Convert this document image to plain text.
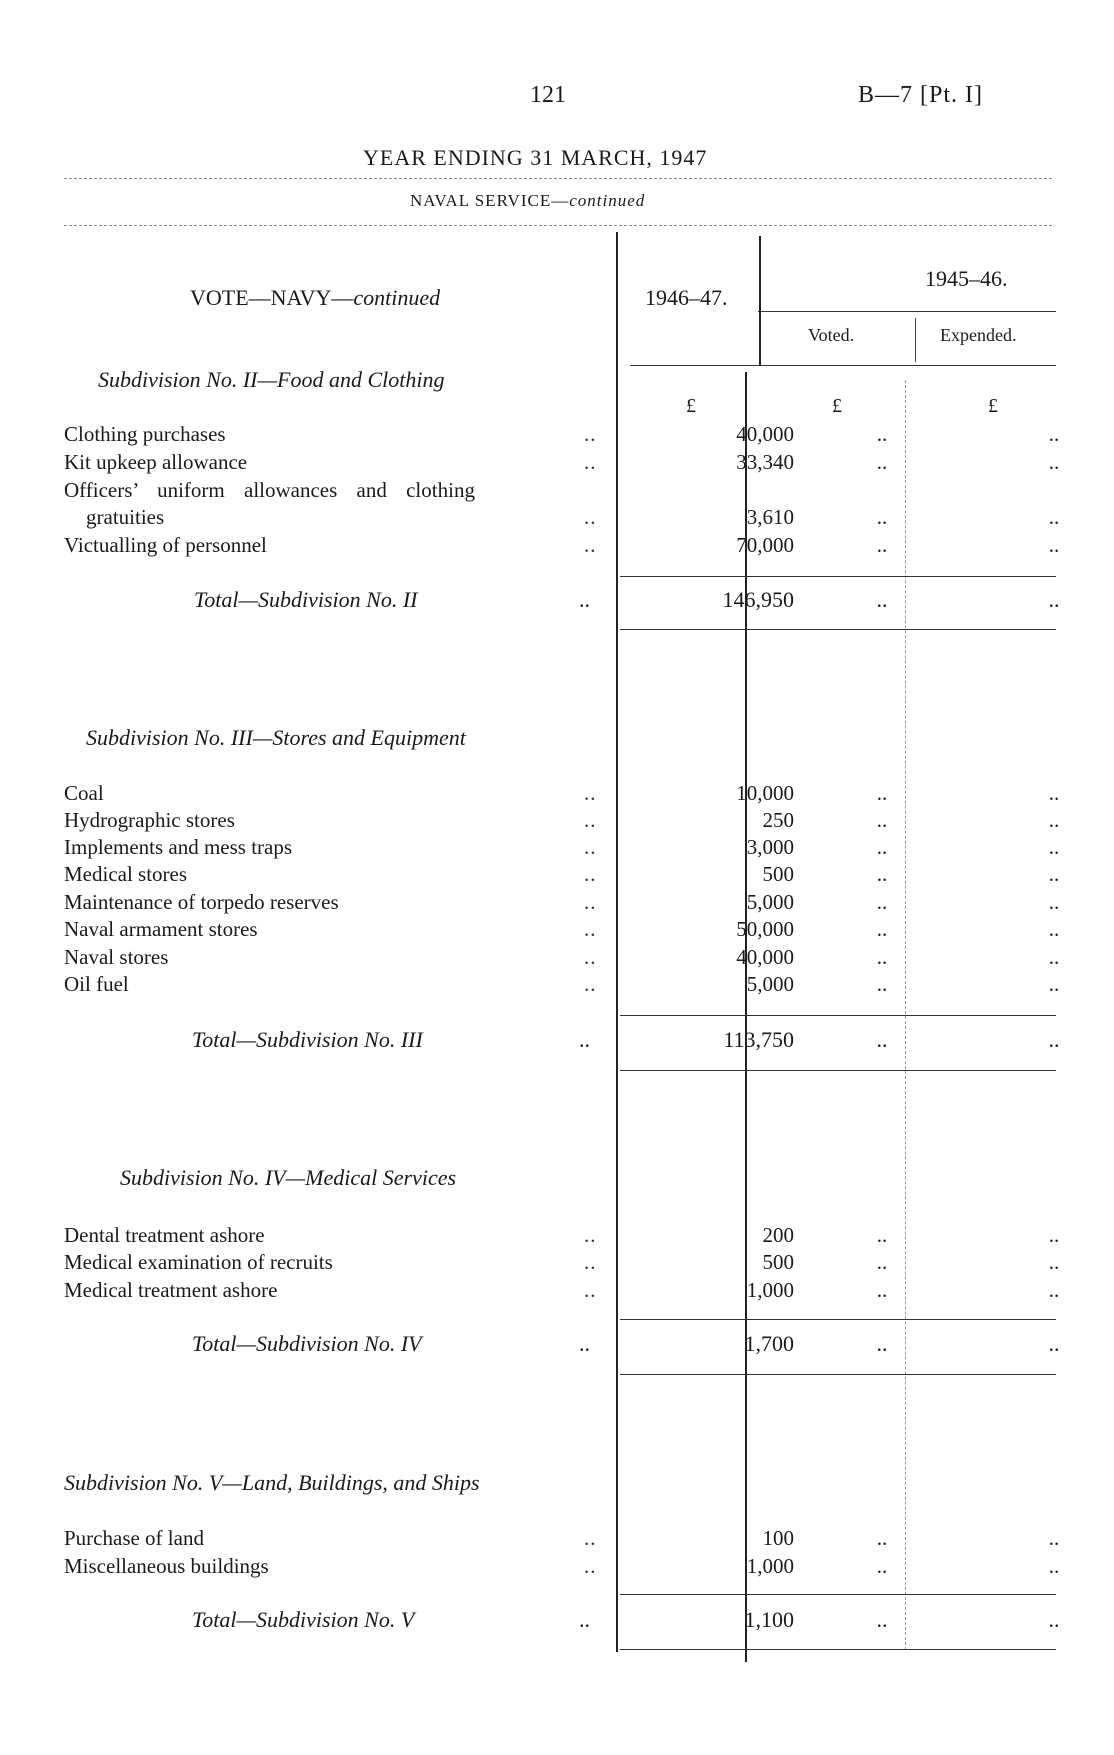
121	B—7 [Pt. I]
YEAR ENDING 31 MARCH, 1947
NAVAL SERVICE—continued
VOTE—NAVY—continued	1946–47.
1945–46.
Voted.	Expended.
£	£	£
Subdivision No. II—Food and Clothing
Clothing purchases	..	40,000	..	..
Kit upkeep allowance	..	33,340	..	..
Officers’ uniform allowances and clothing
gratuities	..	3,610	..	..
Victualling of personnel	..	70,000	..	..
Total—Subdivision No. II	..	146,950	..	..
Subdivision No. III—Stores and Equipment
Coal	..	10,000	..	..
Hydrographic stores	..	250	..	..
Implements and mess traps	..	3,000	..	..
Medical stores	..	500	..	..
Maintenance of torpedo reserves	..	5,000	..	..
Naval armament stores	..	50,000	..	..
Naval stores	..	40,000	..	..
Oil fuel	..	5,000	..	..
Total—Subdivision No. III	..	113,750	..	..
Subdivision No. IV—Medical Services
Dental treatment ashore	..	200	..	..
Medical examination of recruits	..	500	..	..
Medical treatment ashore	..	1,000	..	..
Total—Subdivision No. IV	..	1,700	..	..
Subdivision No. V—Land, Buildings, and Ships
Purchase of land	..	100	..	..
Miscellaneous buildings	..	1,000	..	..
Total—Subdivision No. V	..	1,100	..	..
